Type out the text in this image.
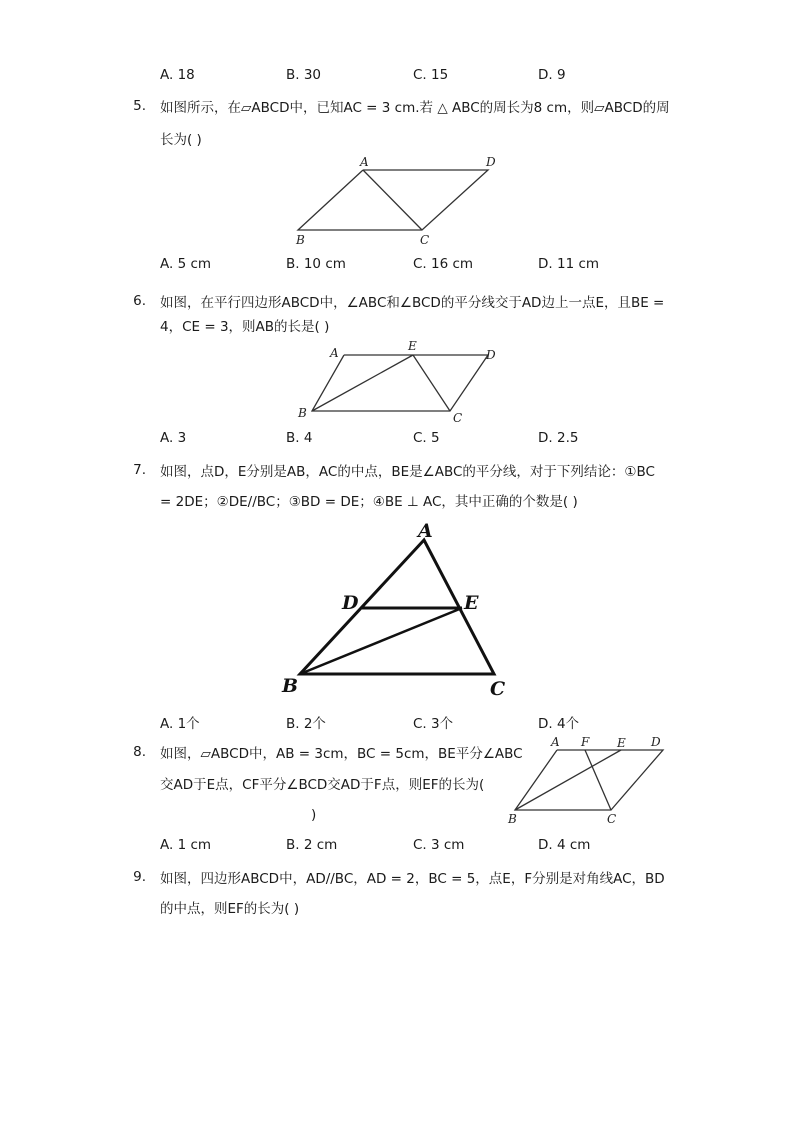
A. 18	B. 30	C. 15	D. 9
5. 如图所示，在▱ABCD中，已知AC = 3 cm.若 △ ABC的周长为8 cm，则▱ABCD的周
长为( )
A	D
B	C
A. 5 cm	B. 10 cm	C. 16 cm	D. 11 cm
6. 如图，在平行四边形ABCD中，∠ABC和∠BCD的平分线交于AD边上一点E，且BE =
4，CE = 3，则AB的长是( )
A	E
D
B	C
A. 3	B. 4	C. 5	D. 2.5
7. 如图，点D，E分别是AB，AC的中点，BE是∠ABC的平分线，对于下列结论：①BC
= 2DE；②DE//BC；③BD = DE；④BE ⊥ AC，其中正确的个数是( )
A
D	E
B	C
A. 1个	B. 2个	C. 3个	D. 4个
8. 如图，▱ABCD中，AB = 3cm，BC = 5cm，BE平分∠ABC
交AD于E点，CF平分∠BCD交AD于F点，则EF的长为(
)
A F E D
B	C
A. 1 cm	B. 2 cm	C. 3 cm	D. 4 cm
9. 如图，四边形ABCD中，AD//BC，AD = 2，BC = 5，点E，F分别是对角线AC，BD
的中点，则EF的长为( )
